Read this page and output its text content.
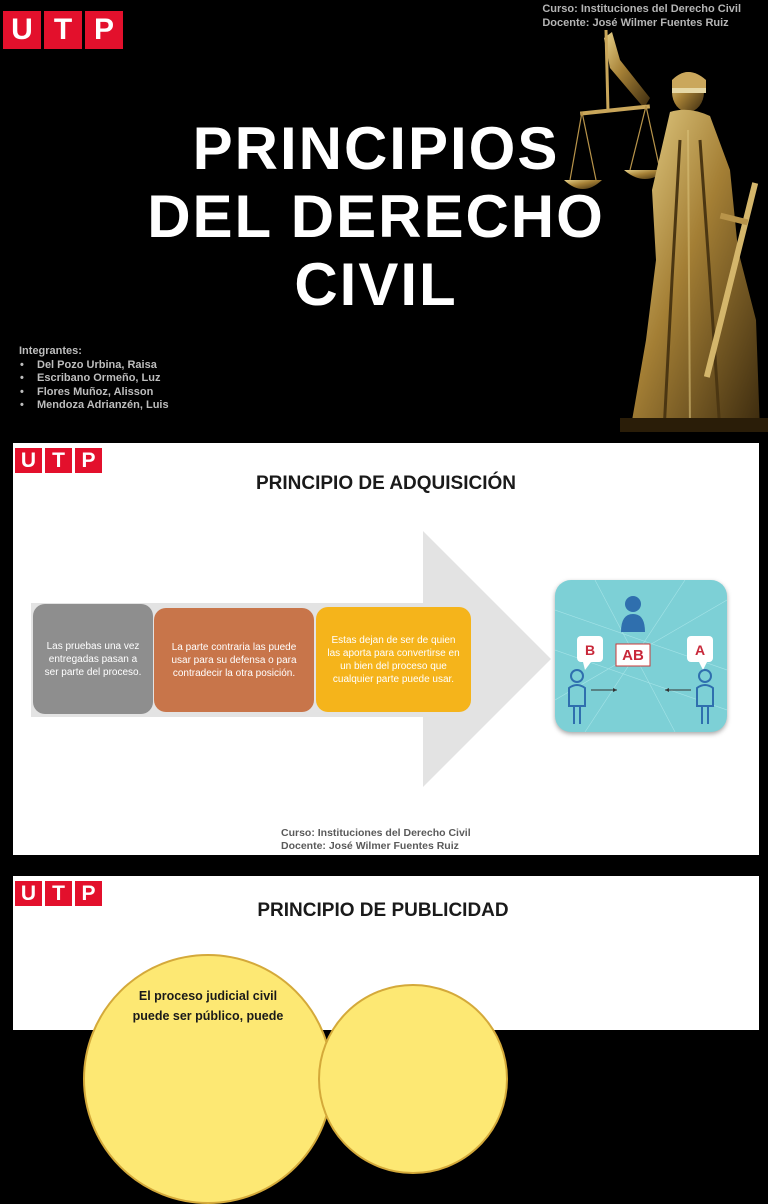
U T P
Curso: Instituciones del Derecho Civil
Docente: José Wilmer Fuentes Ruiz
PRINCIPIOS
DEL DERECHO
CIVIL
Integrantes:
• Del Pozo Urbina, Raisa
• Escribano Ormeño, Luz
• Flores Muñoz, Alisson
• Mendoza Adrianzén, Luis
U T P
PRINCIPIO DE ADQUISICIÓN
Las pruebas una vez entregadas pasan a ser parte del proceso.
La parte contraria las puede usar para su defensa o para contradecir la otra posición.
Estas dejan de ser de quien las aporta para convertirse en un bien del proceso que cualquier parte puede usar.
AB
B	A
Curso: Instituciones del Derecho Civil
Docente: José Wilmer Fuentes Ruiz
U T P
PRINCIPIO DE PUBLICIDAD
El proceso judicial civil
puede ser público, puede
